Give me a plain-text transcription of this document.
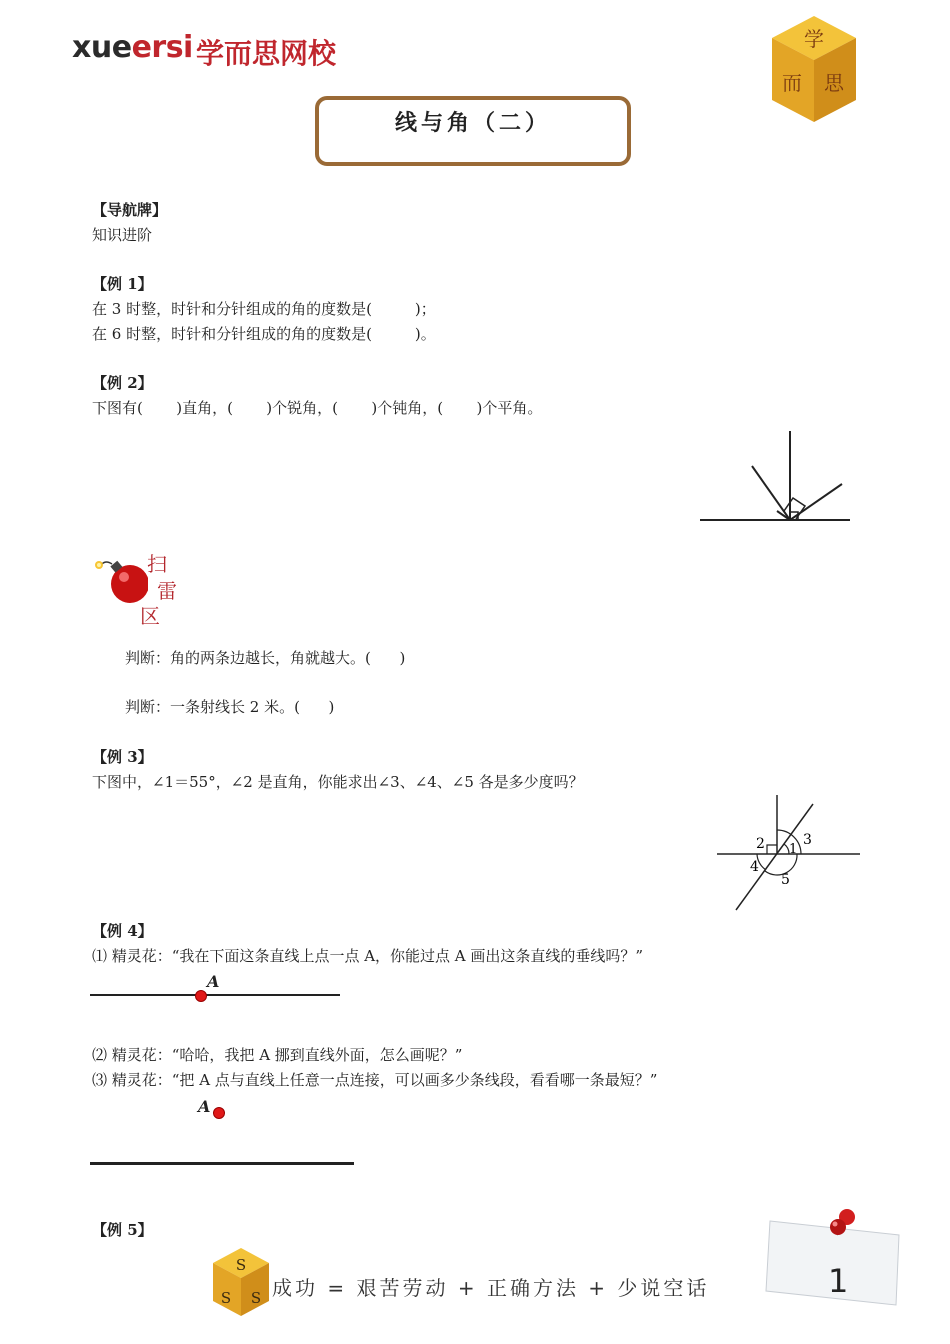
xueersi 学而思网校	学
而 思
线与角（二）
【导航牌】
知识进阶
【例 1】
在 3 时整，时针和分针组成的角的度数是(         )；
在 6 时整，时针和分针组成的角的度数是(         )。
【例 2】
下图有(       )直角，(       )个锐角，(       )个钝角，(       )个平角。
扫
雷
区
判断：角的两条边越长，角就越大。(      )
判断：一条射线长 2 米。(      )
【例 3】
下图中，∠1＝55°，∠2 是直角，你能求出∠3、∠4、∠5 各是多少度吗？
2	3
1
4
5
【例 4】
⑴ 精灵花：“我在下面这条直线上点一点 A，你能过点 A 画出这条直线的垂线吗？”
A
⑵ 精灵花：“哈哈，我把 A 挪到直线外面，怎么画呢？”
⑶ 精灵花：“把 A 点与直线上任意一点连接，可以画多少条线段，看看哪一条最短？”
A
【例 5】
S
S S 成功 = 艰苦劳动 + 正确方法 + 少说空话	1
